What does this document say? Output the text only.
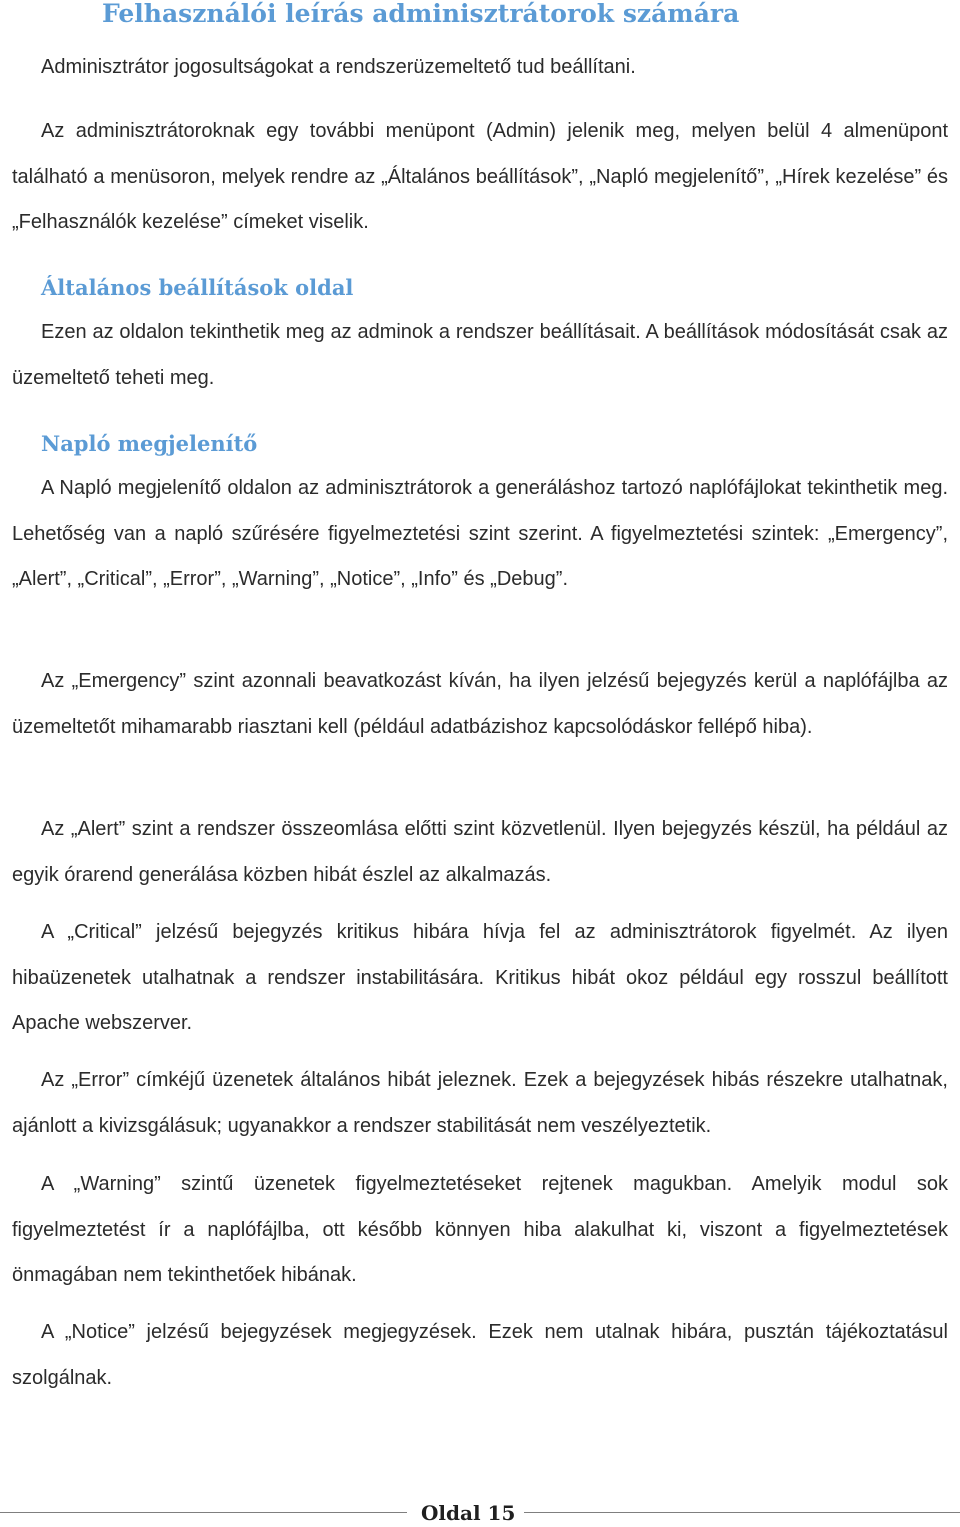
Felhasználói leírás adminisztrátorok számára

Adminisztrátor jogosultságokat a rendszerüzemeltető tud beállítani.

Az adminisztrátoroknak egy további menüpont (Admin) jelenik meg, melyen belül 4 almenüpont található a menüsoron, melyek rendre az „Általános beállítások”, „Napló megjelenítő”, „Hírek kezelése” és „Felhasználók kezelése” címeket viselik.

Általános beállítások oldal

Ezen az oldalon tekinthetik meg az adminok a rendszer beállításait. A beállítások módosítását csak az üzemeltető teheti meg.

Napló megjelenítő

A Napló megjelenítő oldalon az adminisztrátorok a generáláshoz tartozó naplófájlokat tekinthetik meg. Lehetőség van a napló szűrésére figyelmeztetési szint szerint. A figyelmeztetési szintek: „Emergency”, „Alert”, „Critical”, „Error”, „Warning”, „Notice”, „Info” és „Debug”.

Az „Emergency” szint azonnali beavatkozást kíván, ha ilyen jelzésű bejegyzés kerül a naplófájlba az üzemeltetőt mihamarabb riasztani kell (például adatbázishoz kapcsolódáskor fellépő hiba).

Az „Alert” szint a rendszer összeomlása előtti szint közvetlenül. Ilyen bejegyzés készül, ha például az egyik órarend generálása közben hibát észlel az alkalmazás.

A „Critical” jelzésű bejegyzés kritikus hibára hívja fel az adminisztrátorok figyelmét. Az ilyen hibaüzenetek utalhatnak a rendszer instabilitására. Kritikus hibát okoz például egy rosszul beállított Apache webszerver.

Az „Error” címkéjű üzenetek általános hibát jeleznek. Ezek a bejegyzések hibás részekre utalhatnak, ajánlott a kivizsgálásuk; ugyanakkor a rendszer stabilitását nem veszélyeztetik.

A „Warning” szintű üzenetek figyelmeztetéseket rejtenek magukban. Amelyik modul sok figyelmeztetést ír a naplófájlba, ott később könnyen hiba alakulhat ki, viszont a figyelmeztetések önmagában nem tekinthetőek hibának.

A „Notice” jelzésű bejegyzések megjegyzések. Ezek nem utalnak hibára, pusztán tájékoztatásul szolgálnak.

Oldal 15
